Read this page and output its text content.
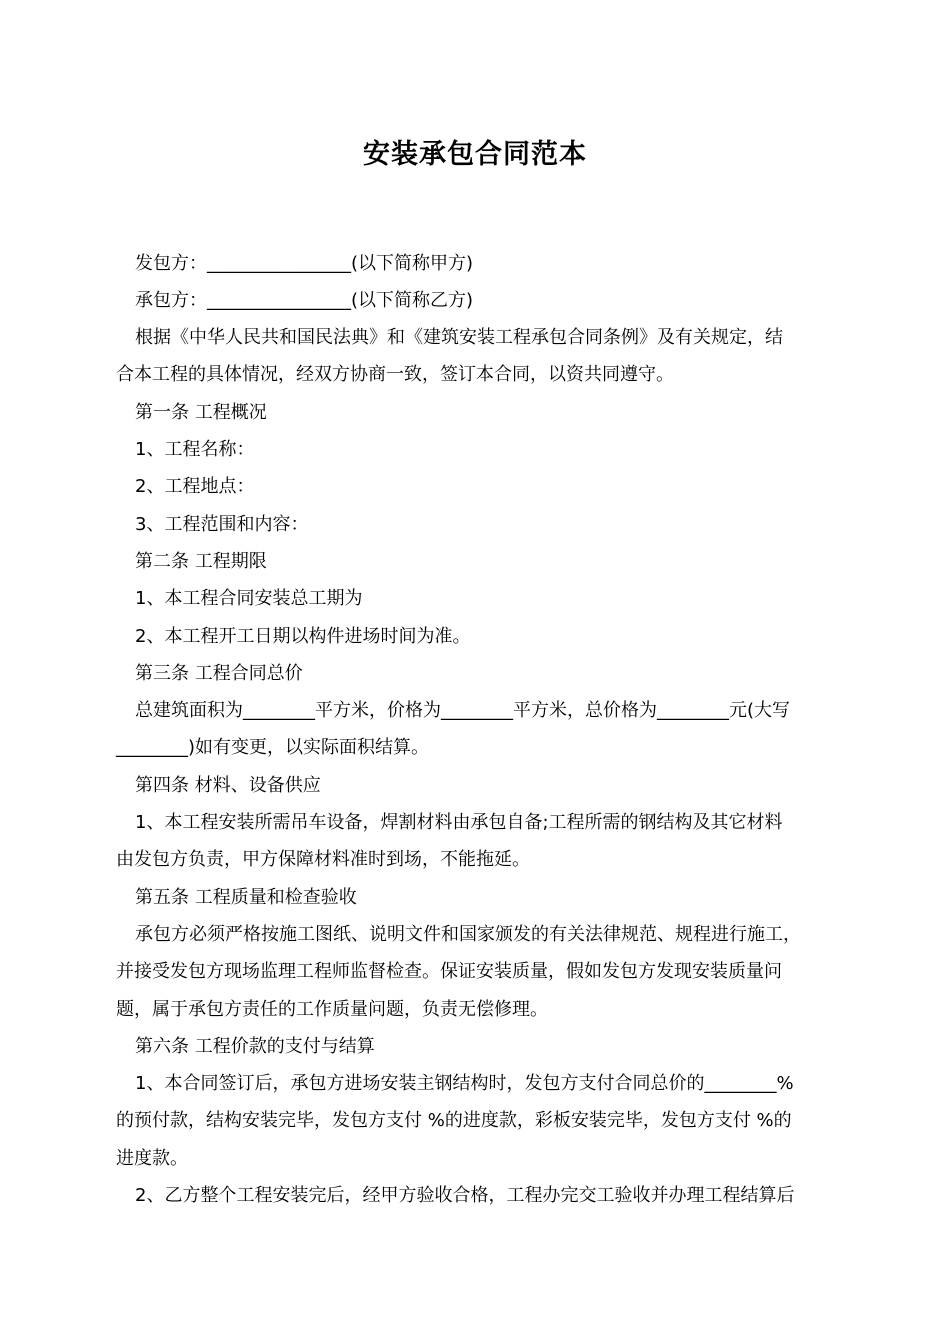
安装承包合同范本
发包方：________________(以下简称甲方)
承包方：________________(以下简称乙方)
根据《中华人民共和国民法典》和《建筑安装工程承包合同条例》及有关规定，结
合本工程的具体情况，经双方协商一致，签订本合同，以资共同遵守。
第一条 工程概况
1、工程名称：
2、工程地点：
3、工程范围和内容：
第二条 工程期限
1、本工程合同安装总工期为
2、本工程开工日期以构件进场时间为准。
第三条 工程合同总价
总建筑面积为________平方米，价格为________平方米，总价格为________元(大写
________)如有变更，以实际面积结算。
第四条 材料、设备供应
1、本工程安装所需吊车设备，焊割材料由承包自备;工程所需的钢结构及其它材料
由发包方负责，甲方保障材料准时到场，不能拖延。
第五条 工程质量和检查验收
承包方必须严格按施工图纸、说明文件和国家颁发的有关法律规范、规程进行施工，
并接受发包方现场监理工程师监督检查。保证安装质量，假如发包方发现安装质量问
题，属于承包方责任的工作质量问题，负责无偿修理。
第六条 工程价款的支付与结算
1、本合同签订后，承包方进场安装主钢结构时，发包方支付合同总价的________%
的预付款，结构安装完毕，发包方支付 %的进度款，彩板安装完毕，发包方支付 %的
进度款。
2、乙方整个工程安装完后，经甲方验收合格，工程办完交工验收并办理工程结算后
